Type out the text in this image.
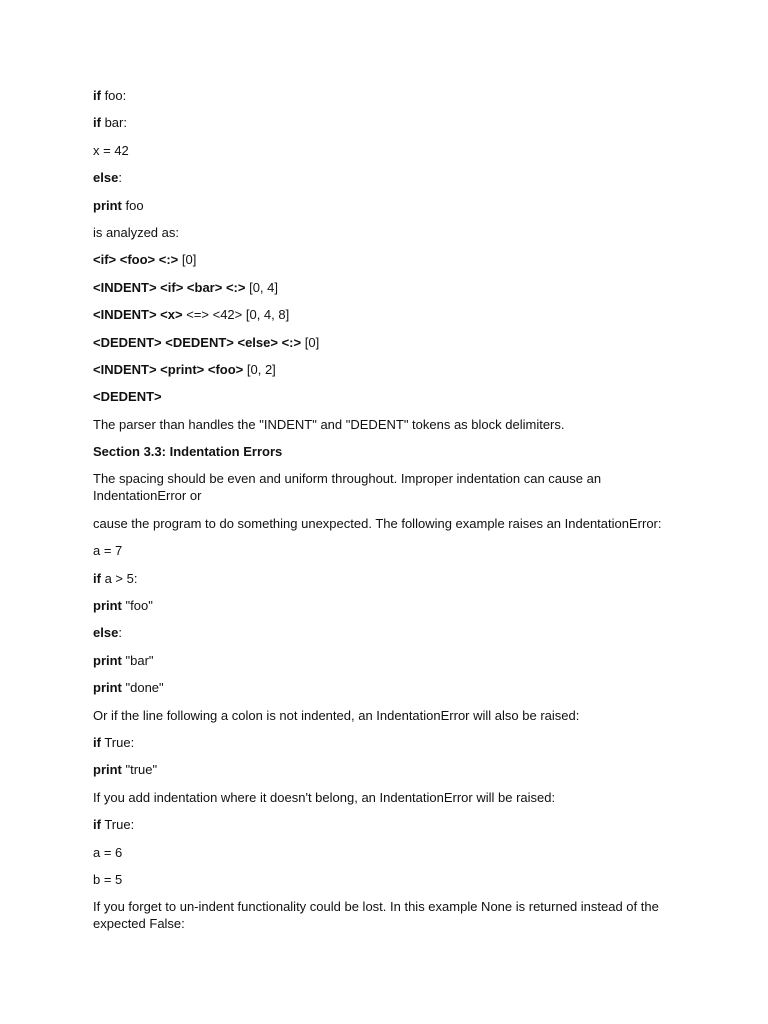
if foo:
if bar:
x = 42
else:
print foo
is analyzed as:
<if> <foo> <:> [0]
<INDENT> <if> <bar> <:> [0, 4]
<INDENT> <x> <=> <42> [0, 4, 8]
<DEDENT> <DEDENT> <else> <:> [0]
<INDENT> <print> <foo> [0, 2]
<DEDENT>
The parser than handles the "INDENT" and "DEDENT" tokens as block delimiters.
Section 3.3: Indentation Errors
The spacing should be even and uniform throughout. Improper indentation can cause an IndentationError or
cause the program to do something unexpected. The following example raises an IndentationError:
a = 7
if a > 5:
print "foo"
else:
print "bar"
print "done"
Or if the line following a colon is not indented, an IndentationError will also be raised:
if True:
print "true"
If you add indentation where it doesn't belong, an IndentationError will be raised:
if True:
a = 6
b = 5
If you forget to un-indent functionality could be lost. In this example None is returned instead of the expected False:
